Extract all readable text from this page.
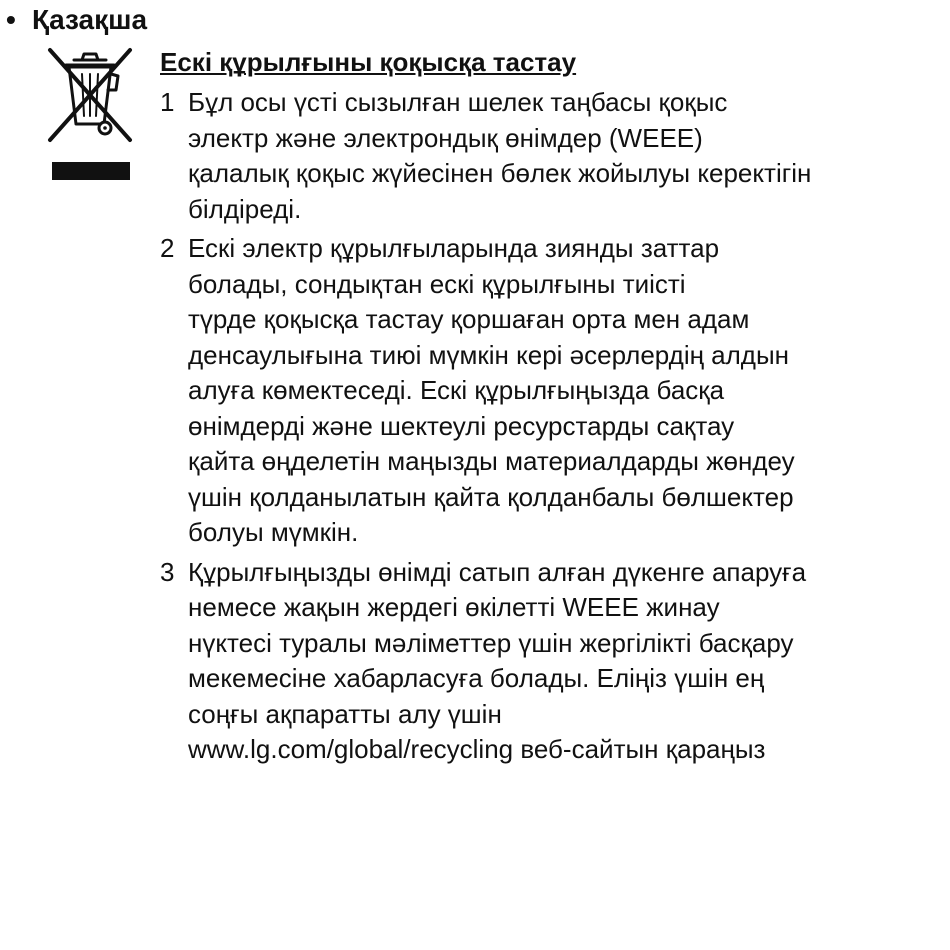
• Қазақша
Ескі құрылғыны қоқысқа тастау
1 Бұл осы үсті сызылған шелек таңбасы қоқыс
электр және электрондық өнімдер (WEEE)
қалалық қоқыс жүйесінен бөлек жойылуы керектігін
білдіреді.
2 Ескі электр құрылғыларында зиянды заттар
болады, сондықтан ескі құрылғыны тиісті
түрде қоқысқа тастау қоршаған орта мен адам
денсаулығына тиюі мүмкін кері әсерлердің алдын
алуға көмектеседі. Ескі құрылғыңызда басқа
өнімдерді және шектеулі ресурстарды сақтау
қайта өңделетін маңызды материалдарды жөндеу
үшін қолданылатын қайта қолданбалы бөлшектер
болуы мүмкін.
3 Құрылғыңызды өнімді сатып алған дүкенге апаруға
немесе жақын жердегі өкілетті WEEE жинау
нүктесі туралы мәліметтер үшін жергілікті басқару
мекемесіне хабарласуға болады. Еліңіз үшін ең
соңғы ақпаратты алу үшін
www.lg.com/global/recycling веб-сайтын қараңыз
